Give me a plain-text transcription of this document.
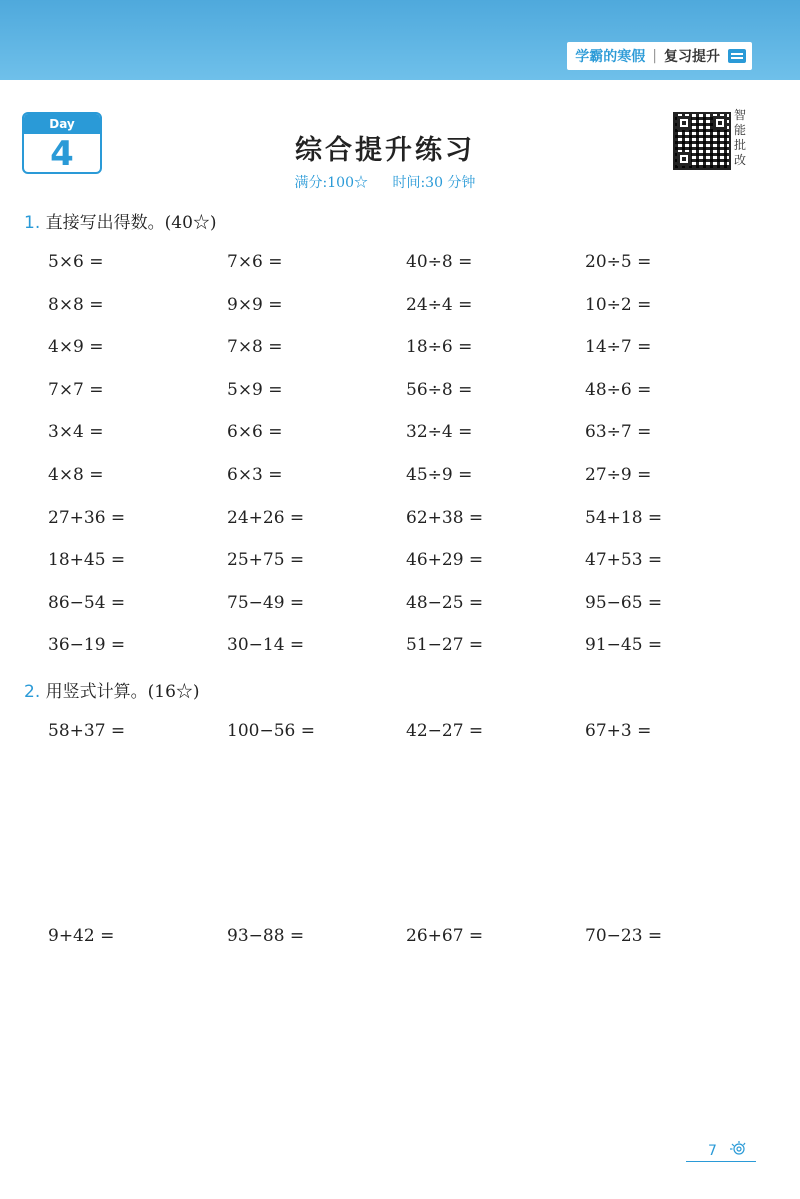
学霸的寒假 | 复习提升
Day
4	综合提升练习
满分:100☆ 时间:30 分钟
智能批改
1. 直接写出得数。(40☆)
5×6 =	7×6 =	40÷8 =	20÷5 =
8×8 =	9×9 =	24÷4 =	10÷2 =
4×9 =	7×8 =	18÷6 =	14÷7 =
7×7 =	5×9 =	56÷8 =	48÷6 =
3×4 =	6×6 =	32÷4 =	63÷7 =
4×8 =	6×3 =	45÷9 =	27÷9 =
27+36 =	24+26 =	62+38 =	54+18 =
18+45 =	25+75 =	46+29 =	47+53 =
86−54 =	75−49 =	48−25 =	95−65 =
36−19 =	30−14 =	51−27 =	91−45 =
2. 用竖式计算。(16☆)
58+37 =	100−56 =	42−27 =	67+3 =
9+42 =	93−88 =	26+67 =	70−23 =
7
